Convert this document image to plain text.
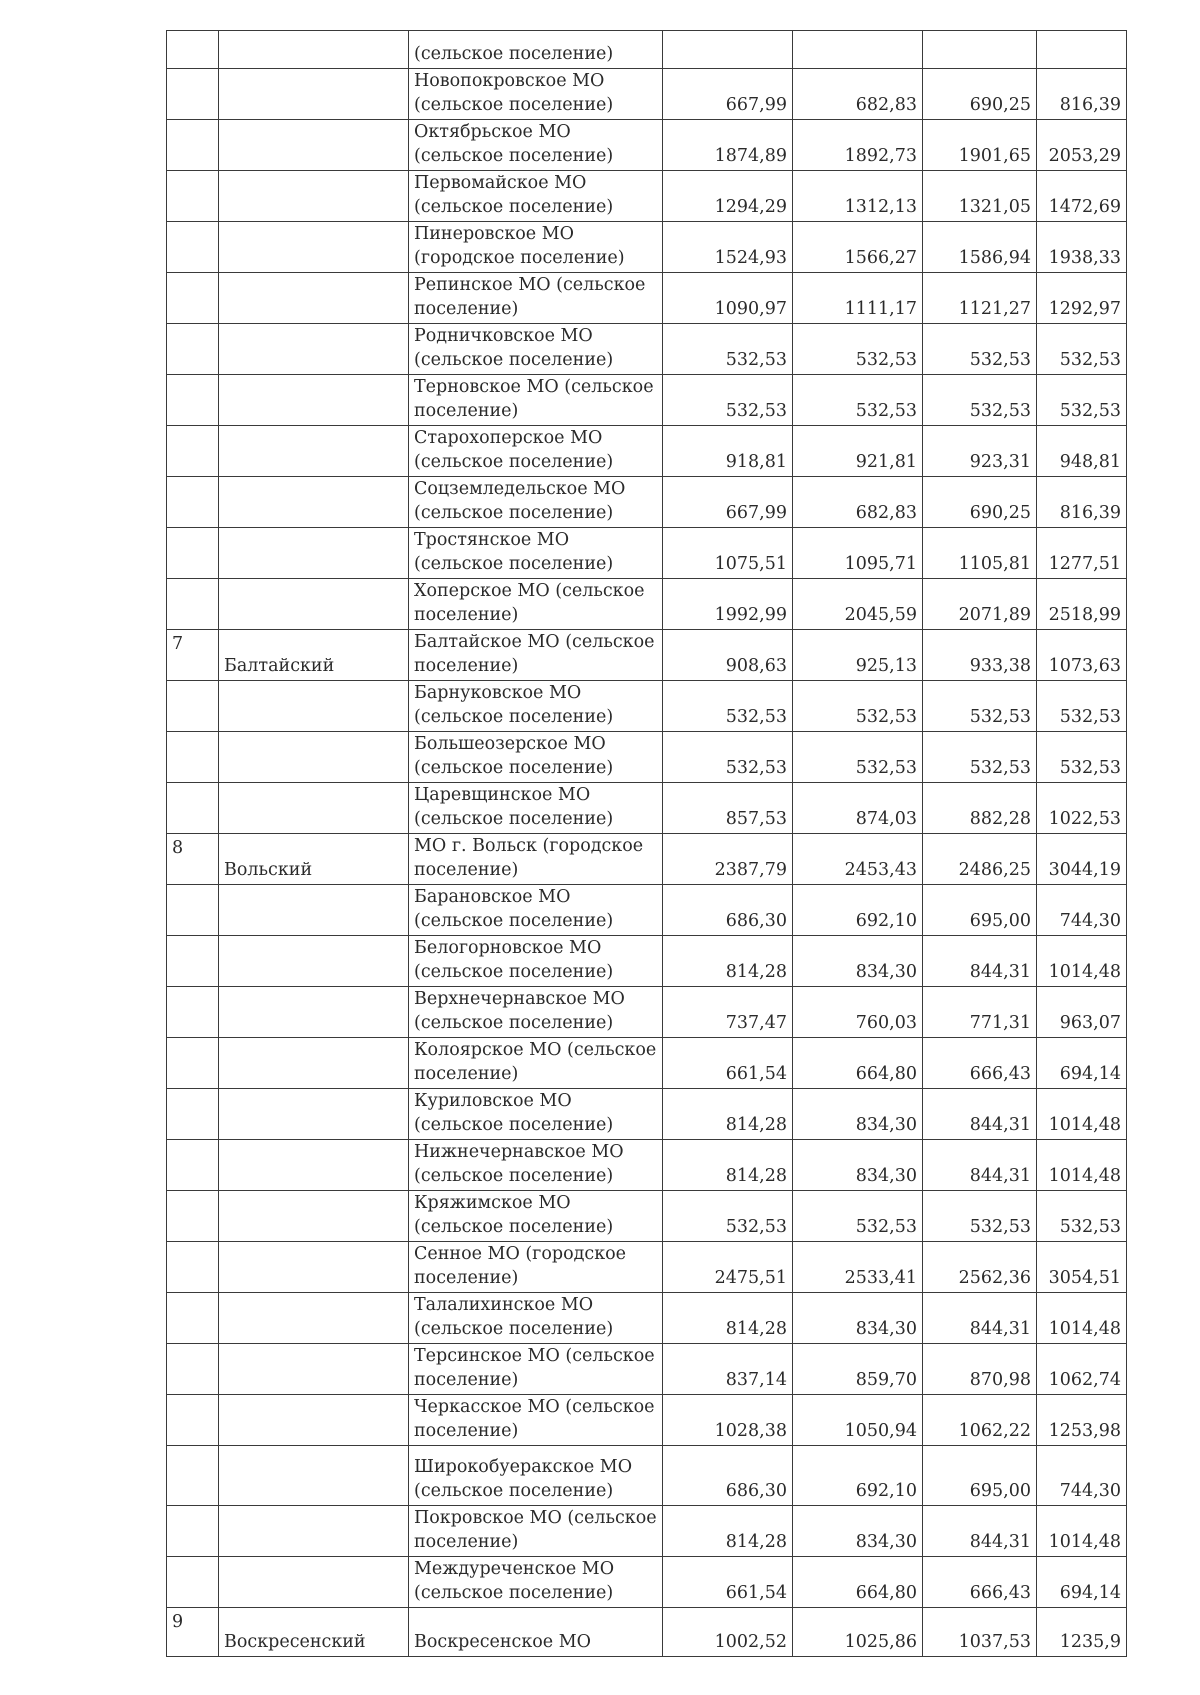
		(сельское поселение)				
		Новопокровское МО (сельское поселение)	667,99	682,83	690,25	816,39
		Октябрьское МО (сельское поселение)	1874,89	1892,73	1901,65	2053,29
		Первомайское МО (сельское поселение)	1294,29	1312,13	1321,05	1472,69
		Пинеровское МО (городское поселение)	1524,93	1566,27	1586,94	1938,33
		Репинское МО (сельское поселение)	1090,97	1111,17	1121,27	1292,97
		Родничковское МО (сельское поселение)	532,53	532,53	532,53	532,53
		Терновское МО (сельское поселение)	532,53	532,53	532,53	532,53
		Старохоперское МО (сельское поселение)	918,81	921,81	923,31	948,81
		Соцземледельское МО (сельское поселение)	667,99	682,83	690,25	816,39
		Тростянское МО (сельское поселение)	1075,51	1095,71	1105,81	1277,51
		Хоперское МО (сельское поселение)	1992,99	2045,59	2071,89	2518,99
7	Балтайский	Балтайское МО (сельское поселение)	908,63	925,13	933,38	1073,63
		Барнуковское МО (сельское поселение)	532,53	532,53	532,53	532,53
		Большеозерское МО (сельское поселение)	532,53	532,53	532,53	532,53
		Царевщинское МО (сельское поселение)	857,53	874,03	882,28	1022,53
8	Вольский	МО г. Вольск (городское поселение)	2387,79	2453,43	2486,25	3044,19
		Барановское МО (сельское поселение)	686,30	692,10	695,00	744,30
		Белогорновское МО (сельское поселение)	814,28	834,30	844,31	1014,48
		Верхнечернавское МО (сельское поселение)	737,47	760,03	771,31	963,07
		Колоярское МО (сельское поселение)	661,54	664,80	666,43	694,14
		Куриловское МО (сельское поселение)	814,28	834,30	844,31	1014,48
		Нижнечернавское МО (сельское поселение)	814,28	834,30	844,31	1014,48
		Кряжимское МО (сельское поселение)	532,53	532,53	532,53	532,53
		Сенное МО (городское поселение)	2475,51	2533,41	2562,36	3054,51
		Талалихинское МО (сельское поселение)	814,28	834,30	844,31	1014,48
		Терсинское МО (сельское поселение)	837,14	859,70	870,98	1062,74
		Черкасское МО (сельское поселение)	1028,38	1050,94	1062,22	1253,98
		Широкобуеракское МО (сельское поселение)	686,30	692,10	695,00	744,30
		Покровское МО (сельское поселение)	814,28	834,30	844,31	1014,48
		Междуреченское МО (сельское поселение)	661,54	664,80	666,43	694,14
9	Воскресенский	Воскресенское МО	1002,52	1025,86	1037,53	1235,9
